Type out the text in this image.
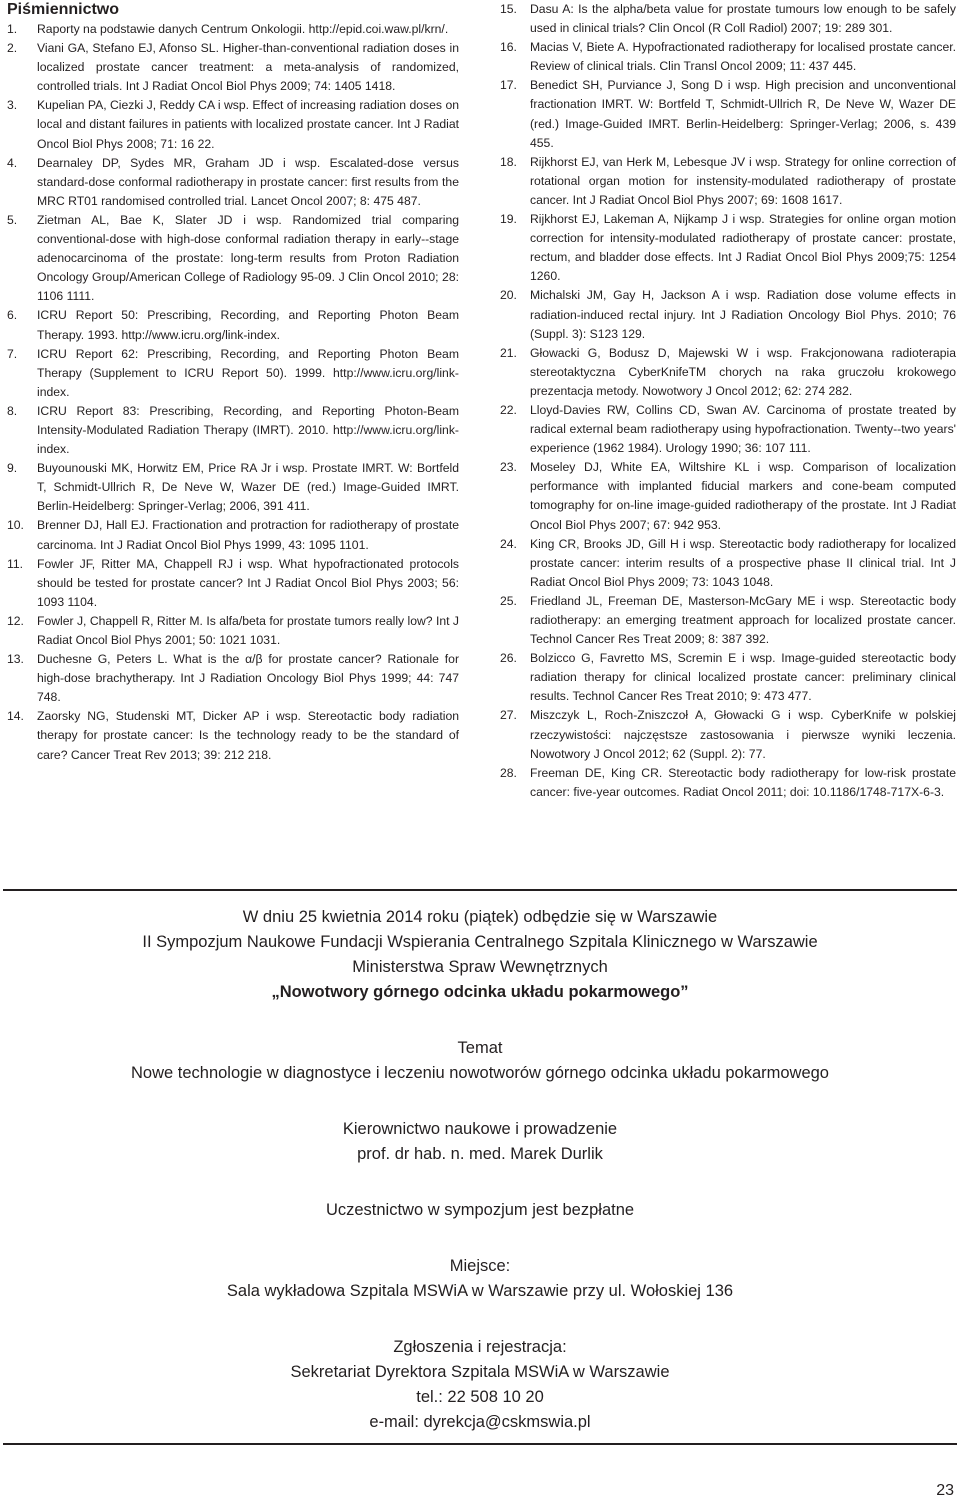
Piśmiennictwo
1. Raporty na podstawie danych Centrum Onkologii. http://epid.coi.waw.pl/krn/.
2. Viani GA, Stefano EJ, Afonso SL. Higher-than-conventional radiation doses in localized prostate cancer treatment: a meta-analysis of randomized, controlled trials. Int J Radiat Oncol Biol Phys 2009; 74: 1405 1418.
3. Kupelian PA, Ciezki J, Reddy CA i wsp. Effect of increasing radiation doses on local and distant failures in patients with localized prostate cancer. Int J Radiat Oncol Biol Phys 2008; 71: 16 22.
4. Dearnaley DP, Sydes MR, Graham JD i wsp. Escalated-dose versus standard-dose conformal radiotherapy in prostate cancer: first results from the MRC RT01 randomised controlled trial. Lancet Oncol 2007; 8: 475 487.
5. Zietman AL, Bae K, Slater JD i wsp. Randomized trial comparing conventional-dose with high-dose conformal radiation therapy in early--stage adenocarcinoma of the prostate: long-term results from Proton Radiation Oncology Group/American College of Radiology 95-09. J Clin Oncol 2010; 28: 1106 1111.
6. ICRU Report 50: Prescribing, Recording, and Reporting Photon Beam Therapy. 1993. http://www.icru.org/link-index.
7. ICRU Report 62: Prescribing, Recording, and Reporting Photon Beam Therapy (Supplement to ICRU Report 50). 1999. http://www.icru.org/link-index.
8. ICRU Report 83: Prescribing, Recording, and Reporting Photon-Beam Intensity-Modulated Radiation Therapy (IMRT). 2010. http://www.icru.org/link-index.
9. Buyounouski MK, Horwitz EM, Price RA Jr i wsp. Prostate IMRT. W: Bortfeld T, Schmidt-Ullrich R, De Neve W, Wazer DE (red.) Image-Guided IMRT. Berlin-Heidelberg: Springer-Verlag; 2006, 391 411.
10. Brenner DJ, Hall EJ. Fractionation and protraction for radiotherapy of prostate carcinoma. Int J Radiat Oncol Biol Phys 1999, 43: 1095 1101.
11. Fowler JF, Ritter MA, Chappell RJ i wsp. What hypofractionated protocols should be tested for prostate cancer? Int J Radiat Oncol Biol Phys 2003; 56: 1093 1104.
12. Fowler J, Chappell R, Ritter M. Is alfa/beta for prostate tumors really low? Int J Radiat Oncol Biol Phys 2001; 50: 1021 1031.
13. Duchesne G, Peters L. What is the α/β for prostate cancer? Rationale for high-dose brachytherapy. Int J Radiation Oncology Biol Phys 1999; 44: 747 748.
14. Zaorsky NG, Studenski MT, Dicker AP i wsp. Stereotactic body radiation therapy for prostate cancer: Is the technology ready to be the standard of care? Cancer Treat Rev 2013; 39: 212 218.
15. Dasu A: Is the alpha/beta value for prostate tumours low enough to be safely used in clinical trials? Clin Oncol (R Coll Radiol) 2007; 19: 289 301.
16. Macias V, Biete A. Hypofractionated radiotherapy for localised prostate cancer. Review of clinical trials. Clin Transl Oncol 2009; 11: 437 445.
17. Benedict SH, Purviance J, Song D i wsp. High precision and unconventional fractionation IMRT. W: Bortfeld T, Schmidt-Ullrich R, De Neve W, Wazer DE (red.) Image-Guided IMRT. Berlin-Heidelberg: Springer-Verlag; 2006, s. 439 455.
18. Rijkhorst EJ, van Herk M, Lebesque JV i wsp. Strategy for online correction of rotational organ motion for instensity-modulated radiotherapy of prostate cancer. Int J Radiat Oncol Biol Phys 2007; 69: 1608 1617.
19. Rijkhorst EJ, Lakeman A, Nijkamp J i wsp. Strategies for online organ motion correction for intensity-modulated radiotherapy of prostate cancer: prostate, rectum, and bladder dose effects. Int J Radiat Oncol Biol Phys 2009;75: 1254 1260.
20. Michalski JM, Gay H, Jackson A i wsp. Radiation dose volume effects in radiation-induced rectal injury. Int J Radiation Oncology Biol Phys. 2010; 76 (Suppl. 3): S123 129.
21. Głowacki G, Bodusz D, Majewski W i wsp. Frakcjonowana radioterapia stereotaktyczna CyberKnifeTM chorych na raka gruczołu krokowego prezentacja metody. Nowotwory J Oncol 2012; 62: 274 282.
22. Lloyd-Davies RW, Collins CD, Swan AV. Carcinoma of prostate treated by radical external beam radiotherapy using hypofractionation. Twenty--two years' experience (1962 1984). Urology 1990; 36: 107 111.
23. Moseley DJ, White EA, Wiltshire KL i wsp. Comparison of localization performance with implanted fiducial markers and cone-beam computed tomography for on-line image-guided radiotherapy of the prostate. Int J Radiat Oncol Biol Phys 2007; 67: 942 953.
24. King CR, Brooks JD, Gill H i wsp. Stereotactic body radiotherapy for localized prostate cancer: interim results of a prospective phase II clinical trial. Int J Radiat Oncol Biol Phys 2009; 73: 1043 1048.
25. Friedland JL, Freeman DE, Masterson-McGary ME i wsp. Stereotactic body radiotherapy: an emerging treatment approach for localized prostate cancer. Technol Cancer Res Treat 2009; 8: 387 392.
26. Bolzicco G, Favretto MS, Scremin E i wsp. Image-guided stereotactic body radiation therapy for clinical localized prostate cancer: preliminary clinical results. Technol Cancer Res Treat 2010; 9: 473 477.
27. Miszczyk L, Roch-Zniszczoł A, Głowacki G i wsp. CyberKnife w polskiej rzeczywistości: najczęstsze zastosowania i pierwsze wyniki leczenia. Nowotwory J Oncol 2012; 62 (Suppl. 2): 77.
28. Freeman DE, King CR. Stereotactic body radiotherapy for low-risk prostate cancer: five-year outcomes. Radiat Oncol 2011; doi: 10.1186/1748-717X-6-3.

W dniu 25 kwietnia 2014 roku (piątek) odbędzie się w Warszawie

II Sympozjum Naukowe Fundacji Wspierania Centralnego Szpitala Klinicznego w Warszawie

Ministerstwa Spraw Wewnętrznych

„Nowotwory górnego odcinka układu pokarmowego”

Temat

Nowe technologie w diagnostyce i leczeniu nowotworów górnego odcinka układu pokarmowego

Kierownictwo naukowe i prowadzenie

prof. dr hab. n. med. Marek Durlik

Uczestnictwo w sympozjum jest bezpłatne

Miejsce:

Sala wykładowa Szpitala MSWiA w Warszawie przy ul. Wołoskiej 136

Zgłoszenia i rejestracja:

Sekretariat Dyrektora Szpitala MSWiA w Warszawie

tel.: 22 508 10 20

e-mail: dyrekcja@cskmswia.pl

23
